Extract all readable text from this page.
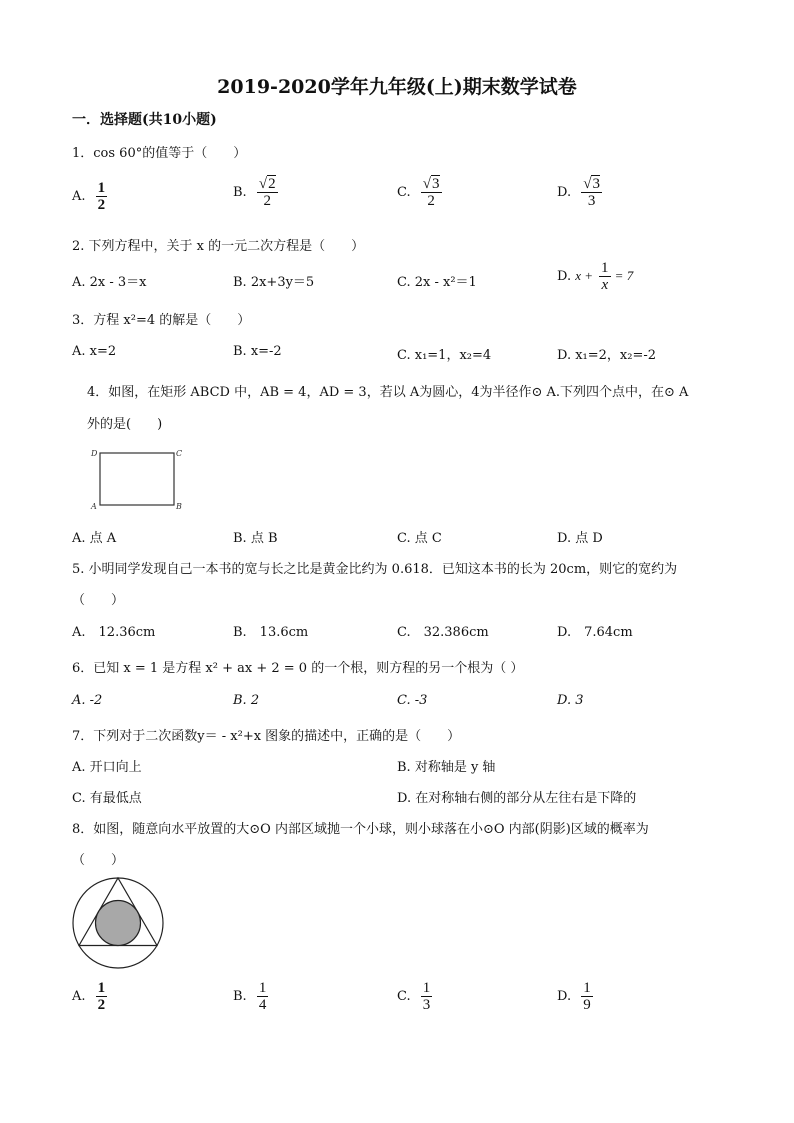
2019-2020学年九年级(上)期末数学试卷
一．选择题(共10小题)
1．cos 60°的值等于（　　）
A. $\frac{1}{2}$	B. $\frac{√2}{2}$	C. $\frac{√3}{2}$	D. $\frac{√3}{3}$
2. 下列方程中，关于 x 的一元二次方程是（　　）
A. 2x - 3＝x	B. 2x+3y＝5	C. 2x - x²＝1	D. $x + \frac{1}{x} = 7$
3．方程 x²=4 的解是（　　）
A. x=2	B. x=-2	C. x₁=1，x₂=4	D. x₁=2，x₂=-2
4．如图，在矩形 ABCD 中，AB = 4，AD = 3，若以 A为圆心，4为半径作⊙ A.下列四个点中，在⊙ A
外的是(　　)
D	C
A	B
A. 点 A	B. 点 B	C. 点 C	D. 点 D
5. 小明同学发现自己一本书的宽与长之比是黄金比约为 0.618．已知这本书的长为 20cm，则它的宽约为
（　　）
A.　12.36cm	B.　13.6cm	C.　32.386cm	D.　7.64cm
6．已知 x = 1 是方程 x² + ax + 2 = 0 的一个根，则方程的另一个根为（ ）
A. -2	B. 2	C. -3	D. 3
7．下列对于二次函数y＝ - x²+x 图象的描述中，正确的是（　　）
A. 开口向上	B. 对称轴是 y 轴
C. 有最低点	D. 在对称轴右侧的部分从左往右是下降的
8．如图，随意向水平放置的大⊙O 内部区域抛一个小球，则小球落在小⊙O 内部(阴影)区域的概率为
（　　）
A. $\frac{1}{2}$	B. $\frac{1}{4}$	C. $\frac{1}{3}$	D. $\frac{1}{9}$
